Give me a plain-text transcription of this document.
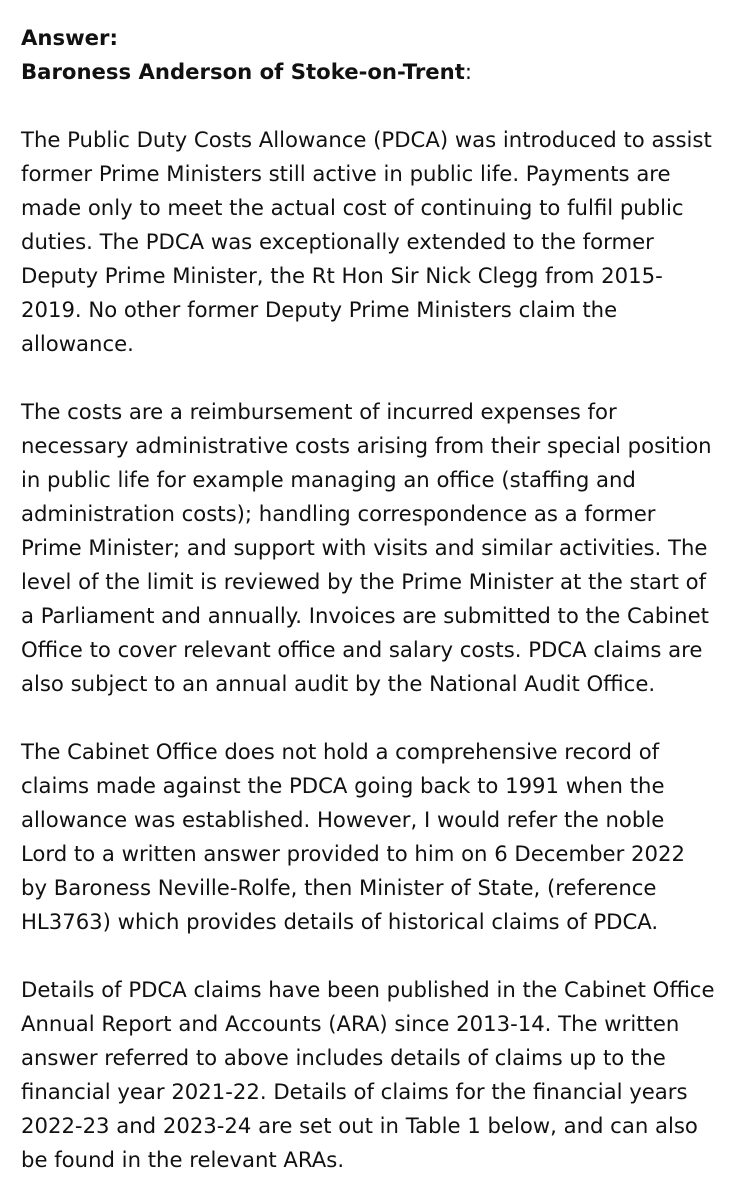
Answer:
Baroness Anderson of Stoke-on-Trent:

The Public Duty Costs Allowance (PDCA) was introduced to assist
former Prime Ministers still active in public life. Payments are
made only to meet the actual cost of continuing to fulfil public
duties. The PDCA was exceptionally extended to the former
Deputy Prime Minister, the Rt Hon Sir Nick Clegg from 2015-
2019. No other former Deputy Prime Ministers claim the
allowance.

The costs are a reimbursement of incurred expenses for
necessary administrative costs arising from their special position
in public life for example managing an office (staffing and
administration costs); handling correspondence as a former
Prime Minister; and support with visits and similar activities. The
level of the limit is reviewed by the Prime Minister at the start of
a Parliament and annually. Invoices are submitted to the Cabinet
Office to cover relevant office and salary costs. PDCA claims are
also subject to an annual audit by the National Audit Office.

The Cabinet Office does not hold a comprehensive record of
claims made against the PDCA going back to 1991 when the
allowance was established. However, I would refer the noble
Lord to a written answer provided to him on 6 December 2022
by Baroness Neville-Rolfe, then Minister of State, (reference
HL3763) which provides details of historical claims of PDCA.

Details of PDCA claims have been published in the Cabinet Office
Annual Report and Accounts (ARA) since 2013-14. The written
answer referred to above includes details of claims up to the
financial year 2021-22. Details of claims for the financial years
2022-23 and 2023-24 are set out in Table 1 below, and can also
be found in the relevant ARAs.
